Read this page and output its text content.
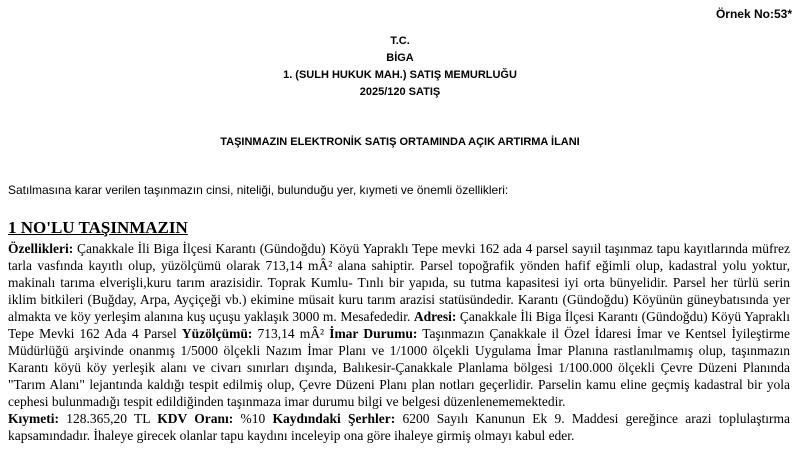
Örnek No:53*
T.C.
BİGA
1. (SULH HUKUK MAH.) SATIŞ MEMURLUĞU
2025/120 SATIŞ
TAŞINMAZIN ELEKTRONİK SATIŞ ORTAMINDA AÇIK ARTIRMA İLANI
Satılmasına karar verilen taşınmazın cinsi, niteliği, bulunduğu yer, kıymeti ve önemli özellikleri:
1 NO'LU TAŞINMAZIN
Özellikleri: Çanakkale İli Biga İlçesi Karantı (Gündoğdu) Köyü Yapraklı Tepe mevki 162 ada 4 parsel sayıil taşınmaz tapu kayıtlarında müfrez tarla vasfında kayıtlı olup, yüzölçümü olarak 713,14 mÂ² alana sahiptir. Parsel topoğrafik yönden hafif eğimli olup, kadastral yolu yoktur, makinalı tarıma elverişli,kuru tarım arazisidir. Toprak Kumlu- Tınlı bir yapıda, su tutma kapasitesi iyi orta bünyelidir. Parsel her türlü serin iklim bitkileri (Buğday, Arpa, Ayçiçeği vb.) ekimine müsait kuru tarım arazisi statüsündedir. Karantı (Gündoğdu) Köyünün güneybatısında yer almakta ve köy yerleşim alanına kuş uçuşu yaklaşık 3000 m. Mesafededir. Adresi: Çanakkale İli Biga İlçesi Karantı (Gündoğdu) Köyü Yapraklı Tepe Mevki 162 Ada 4 Parsel Yüzölçümü: 713,14 mÂ² İmar Durumu: Taşınmazın Çanakkale il Özel İdaresi İmar ve Kentsel İyileştirme Müdürlüğü arşivinde onanmış 1/5000 ölçekli Nazım İmar Planı ve 1/1000 ölçekli Uygulama İmar Planına rastlanılmamış olup, taşınmazın Karantı köyü köy yerleşik alanı ve civarı sınırları dışında, Balıkesir-Çanakkale Planlama bölgesi 1/100.000 ölçekli Çevre Düzeni Planında "Tarım Alanı" lejantında kaldığı tespit edilmiş olup, Çevre Düzeni Planı plan notları geçerlidir. Parselin kamu eline geçmiş kadastral bir yola cephesi bulunmadığı tespit edildiğinden taşınmaza imar durumu bilgi ve belgesi düzenlenememektedir.
Kıymeti: 128.365,20 TL KDV Oranı: %10 Kaydındaki Şerhler: 6200 Sayılı Kanunun Ek 9. Maddesi gereğince arazi toplulaştırma kapsamındadır. İhaleye girecek olanlar tapu kaydını inceleyip ona göre ihaleye girmiş olmayı kabul eder.
